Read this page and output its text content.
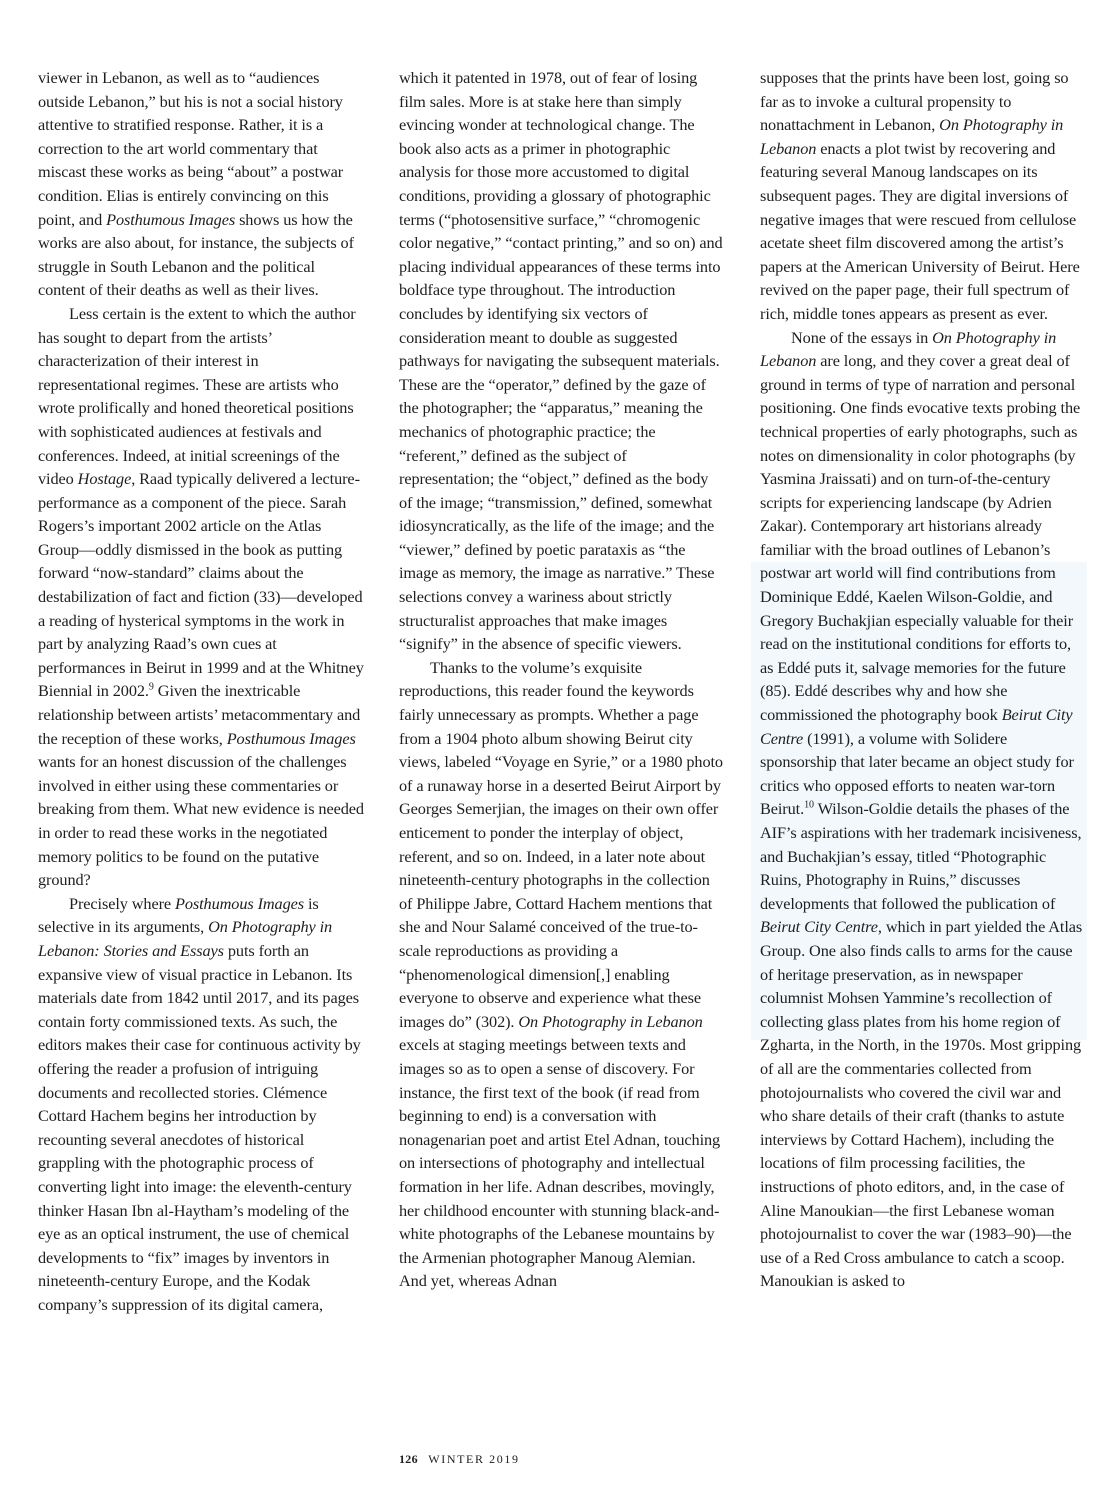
viewer in Lebanon, as well as to “audiences outside Lebanon,” but his is not a social history attentive to stratified response. Rather, it is a correction to the art world commentary that miscast these works as being “about” a postwar condition. Elias is entirely convincing on this point, and Posthumous Images shows us how the works are also about, for instance, the subjects of struggle in South Lebanon and the political content of their deaths as well as their lives.

Less certain is the extent to which the author has sought to depart from the artists’ characterization of their interest in representational regimes. These are artists who wrote prolifically and honed theoretical positions with sophisticated audiences at festivals and conferences. Indeed, at initial screenings of the video Hostage, Raad typically delivered a lecture-performance as a component of the piece. Sarah Rogers’s important 2002 article on the Atlas Group—oddly dismissed in the book as putting forward “now-standard” claims about the destabilization of fact and fiction (33)—developed a reading of hysterical symptoms in the work in part by analyzing Raad’s own cues at performances in Beirut in 1999 and at the Whitney Biennial in 2002.$^9$ Given the inextricable relationship between artists’ metacommentary and the reception of these works, Posthumous Images wants for an honest discussion of the challenges involved in either using these commentaries or breaking from them. What new evidence is needed in order to read these works in the negotiated memory politics to be found on the putative ground?

Precisely where Posthumous Images is selective in its arguments, On Photography in Lebanon: Stories and Essays puts forth an expansive view of visual practice in Lebanon. Its materials date from 1842 until 2017, and its pages contain forty commissioned texts. As such, the editors makes their case for continuous activity by offering the reader a profusion of intriguing documents and recollected stories. Clémence Cottard Hachem begins her introduction by recounting several anecdotes of historical grappling with the photographic process of converting light into image: the eleventh-century thinker Hasan Ibn al-Haytham’s modeling of the eye as an optical instrument, the use of chemical developments to “fix” images by inventors in nineteenth-century Europe, and the Kodak company’s suppression of its digital camera,

which it patented in 1978, out of fear of losing film sales. More is at stake here than simply evincing wonder at technological change. The book also acts as a primer in photographic analysis for those more accustomed to digital conditions, providing a glossary of photographic terms (“photosensitive surface,” “chromogenic color negative,” “contact printing,” and so on) and placing individual appearances of these terms into boldface type throughout. The introduction concludes by identifying six vectors of consideration meant to double as suggested pathways for navigating the subsequent materials. These are the “operator,” defined by the gaze of the photographer; the “apparatus,” meaning the mechanics of photographic practice; the “referent,” defined as the subject of representation; the “object,” defined as the body of the image; “transmission,” defined, somewhat idiosyncratically, as the life of the image; and the “viewer,” defined by poetic parataxis as “the image as memory, the image as narrative.” These selections convey a wariness about strictly structuralist approaches that make images “signify” in the absence of specific viewers.

Thanks to the volume’s exquisite reproductions, this reader found the keywords fairly unnecessary as prompts. Whether a page from a 1904 photo album showing Beirut city views, labeled “Voyage en Syrie,” or a 1980 photo of a runaway horse in a deserted Beirut Airport by Georges Semerjian, the images on their own offer enticement to ponder the interplay of object, referent, and so on. Indeed, in a later note about nineteenth-century photographs in the collection of Philippe Jabre, Cottard Hachem mentions that she and Nour Salamé conceived of the true-to-scale reproductions as providing a “phenomenological dimension[,] enabling everyone to observe and experience what these images do” (302). On Photography in Lebanon excels at staging meetings between texts and images so as to open a sense of discovery. For instance, the first text of the book (if read from beginning to end) is a conversation with nonagenarian poet and artist Etel Adnan, touching on intersections of photography and intellectual formation in her life. Adnan describes, movingly, her childhood encounter with stunning black-and-white photographs of the Lebanese mountains by the Armenian photographer Manoug Alemian. And yet, whereas Adnan

supposes that the prints have been lost, going so far as to invoke a cultural propensity to nonattachment in Lebanon, On Photography in Lebanon enacts a plot twist by recovering and featuring several Manoug landscapes on its subsequent pages. They are digital inversions of negative images that were rescued from cellulose acetate sheet film discovered among the artist’s papers at the American University of Beirut. Here revived on the paper page, their full spectrum of rich, middle tones appears as present as ever.

None of the essays in On Photography in Lebanon are long, and they cover a great deal of ground in terms of type of narration and personal positioning. One finds evocative texts probing the technical properties of early photographs, such as notes on dimensionality in color photographs (by Yasmina Jraissati) and on turn-of-the-century scripts for experiencing landscape (by Adrien Zakar). Contemporary art historians already familiar with the broad outlines of Lebanon’s postwar art world will find contributions from Dominique Eddé, Kaelen Wilson-Goldie, and Gregory Buchakjian especially valuable for their read on the institutional conditions for efforts to, as Eddé puts it, salvage memories for the future (85). Eddé describes why and how she commissioned the photography book Beirut City Centre (1991), a volume with Solidere sponsorship that later became an object study for critics who opposed efforts to neaten war-torn Beirut.$^{10}$ Wilson-Goldie details the phases of the AIF’s aspirations with her trademark incisiveness, and Buchakjian’s essay, titled “Photographic Ruins, Photography in Ruins,” discusses developments that followed the publication of Beirut City Centre, which in part yielded the Atlas Group. One also finds calls to arms for the cause of heritage preservation, as in newspaper columnist Mohsen Yammine’s recollection of collecting glass plates from his home region of Zgharta, in the North, in the 1970s. Most gripping of all are the commentaries collected from photojournalists who covered the civil war and who share details of their craft (thanks to astute interviews by Cottard Hachem), including the locations of film processing facilities, the instructions of photo editors, and, in the case of Aline Manoukian—the first Lebanese woman photojournalist to cover the war (1983–90)—the use of a Red Cross ambulance to catch a scoop. Manoukian is asked to

126 WINTER 2019
